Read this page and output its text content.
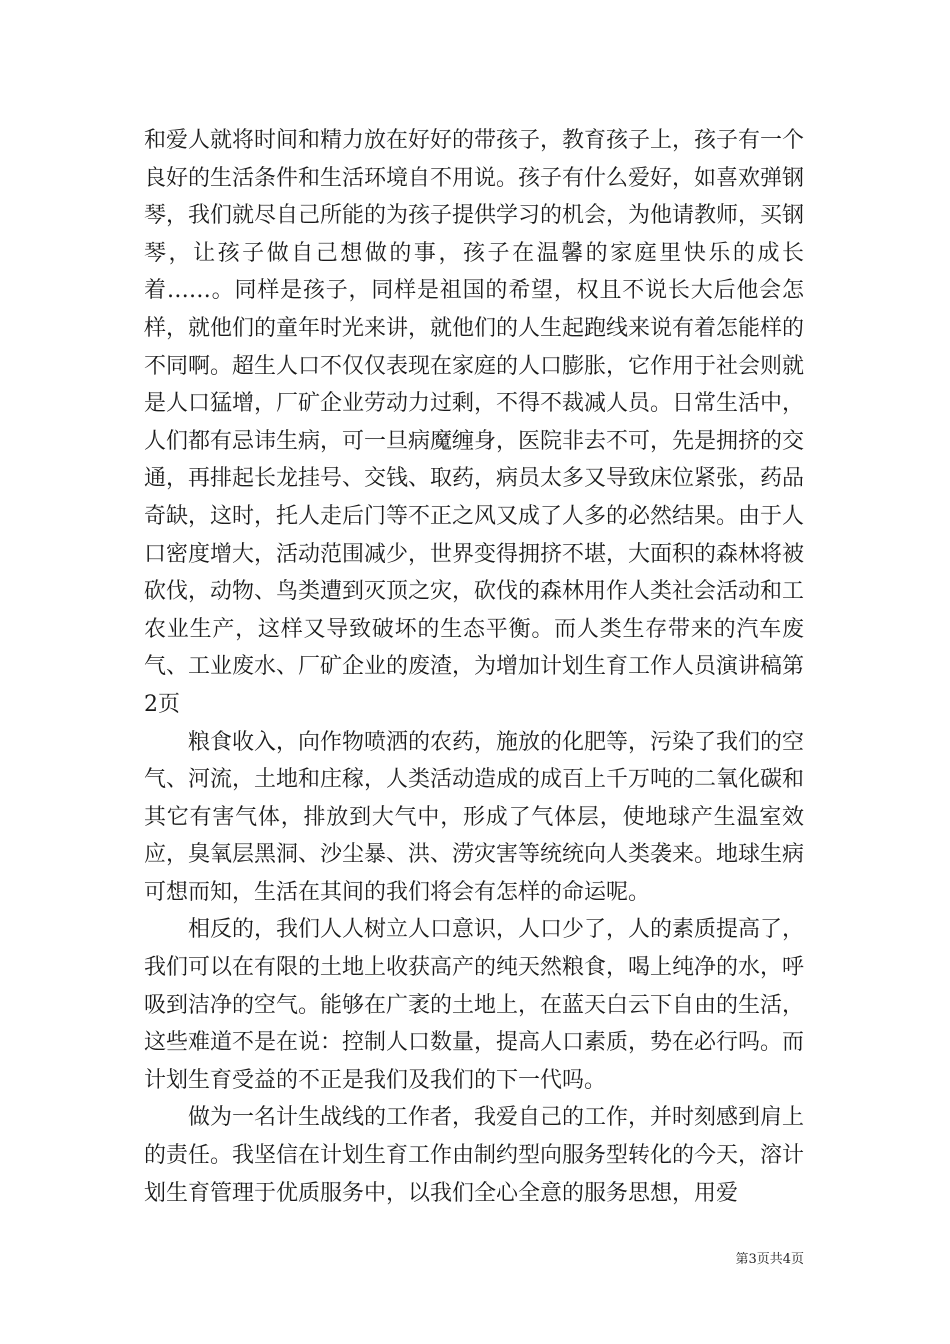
和爱人就将时间和精力放在好好的带孩子，教育孩子上，孩子有一个良好的生活条件和生活环境自不用说。孩子有什么爱好，如喜欢弹钢琴，我们就尽自己所能的为孩子提供学习的机会，为他请教师，买钢琴，让孩子做自己想做的事，孩子在温馨的家庭里快乐的成长着……。同样是孩子，同样是祖国的希望，权且不说长大后他会怎样，就他们的童年时光来讲，就他们的人生起跑线来说有着怎能样的不同啊。超生人口不仅仅表现在家庭的人口膨胀，它作用于社会则就是人口猛增，厂矿企业劳动力过剩，不得不裁减人员。日常生活中，人们都有忌讳生病，可一旦病魔缠身，医院非去不可，先是拥挤的交通，再排起长龙挂号、交钱、取药，病员太多又导致床位紧张，药品奇缺，这时，托人走后门等不正之风又成了人多的必然结果。由于人口密度增大，活动范围减少，世界变得拥挤不堪，大面积的森林将被砍伐，动物、鸟类遭到灭顶之灾，砍伐的森林用作人类社会活动和工农业生产，这样又导致破坏的生态平衡。而人类生存带来的汽车废气、工业废水、厂矿企业的废渣，为增加计划生育工作人员演讲稿第2页

粮食收入，向作物喷洒的农药，施放的化肥等，污染了我们的空气、河流，土地和庄稼，人类活动造成的成百上千万吨的二氧化碳和其它有害气体，排放到大气中，形成了气体层，使地球产生温室效应，臭氧层黑洞、沙尘暴、洪、涝灾害等统统向人类袭来。地球生病可想而知，生活在其间的我们将会有怎样的命运呢。

相反的，我们人人树立人口意识，人口少了，人的素质提高了，我们可以在有限的土地上收获高产的纯天然粮食，喝上纯净的水，呼吸到洁净的空气。能够在广袤的土地上，在蓝天白云下自由的生活，这些难道不是在说：控制人口数量，提高人口素质，势在必行吗。而计划生育受益的不正是我们及我们的下一代吗。

做为一名计生战线的工作者，我爱自己的工作，并时刻感到肩上的责任。我坚信在计划生育工作由制约型向服务型转化的今天，溶计划生育管理于优质服务中，以我们全心全意的服务思想，用爱

第3页共4页
